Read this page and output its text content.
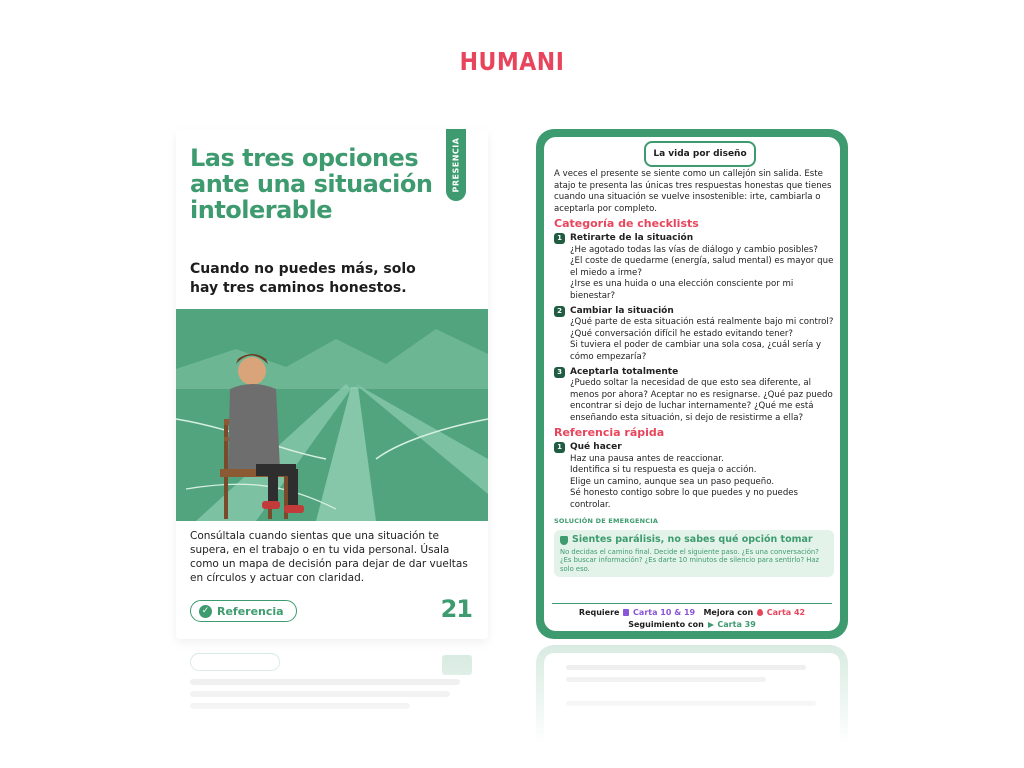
HUMANI
PRESENCIA
Las tres opciones ante una situación intolerable
Cuando no puedes más, solo hay tres caminos honestos.
Consúltala cuando sientas que una situación te supera, en el trabajo o en tu vida personal. Úsala como un mapa de decisión para dejar de dar vueltas en círculos y actuar con claridad.
✓ Referencia	21
La vida por diseño
A veces el presente se siente como un callejón sin salida. Este atajo te presenta las únicas tres respuestas honestas que tienes cuando una situación se vuelve insostenible: irte, cambiarla o aceptarla por completo.
Categoría de checklists
1 Retirarte de la situación
¿He agotado todas las vías de diálogo y cambio posibles?
¿El coste de quedarme (energía, salud mental) es mayor que el miedo a irme?
¿Irse es una huida o una elección consciente por mi bienestar?
2 Cambiar la situación
¿Qué parte de esta situación está realmente bajo mi control?
¿Qué conversación difícil he estado evitando tener?
Si tuviera el poder de cambiar una sola cosa, ¿cuál sería y cómo empezaría?
3 Aceptarla totalmente
¿Puedo soltar la necesidad de que esto sea diferente, al menos por ahora? Aceptar no es resignarse. ¿Qué paz puedo encontrar si dejo de luchar internamente? ¿Qué me está enseñando esta situación, si dejo de resistirme a ella?
Referencia rápida
1 Qué hacer
Haz una pausa antes de reaccionar.
Identifica si tu respuesta es queja o acción.
Elige un camino, aunque sea un paso pequeño.
Sé honesto contigo sobre lo que puedes y no puedes controlar.
SOLUCIÓN DE EMERGENCIA
Sientes parálisis, no sabes qué opción tomar
No decidas el camino final. Decide el siguiente paso. ¿Es una conversación? ¿Es buscar información? ¿Es darte 10 minutos de silencio para sentirlo? Haz solo eso.
Requiere Carta 10 & 19 Mejora con Carta 42
Seguimiento con Carta 39
